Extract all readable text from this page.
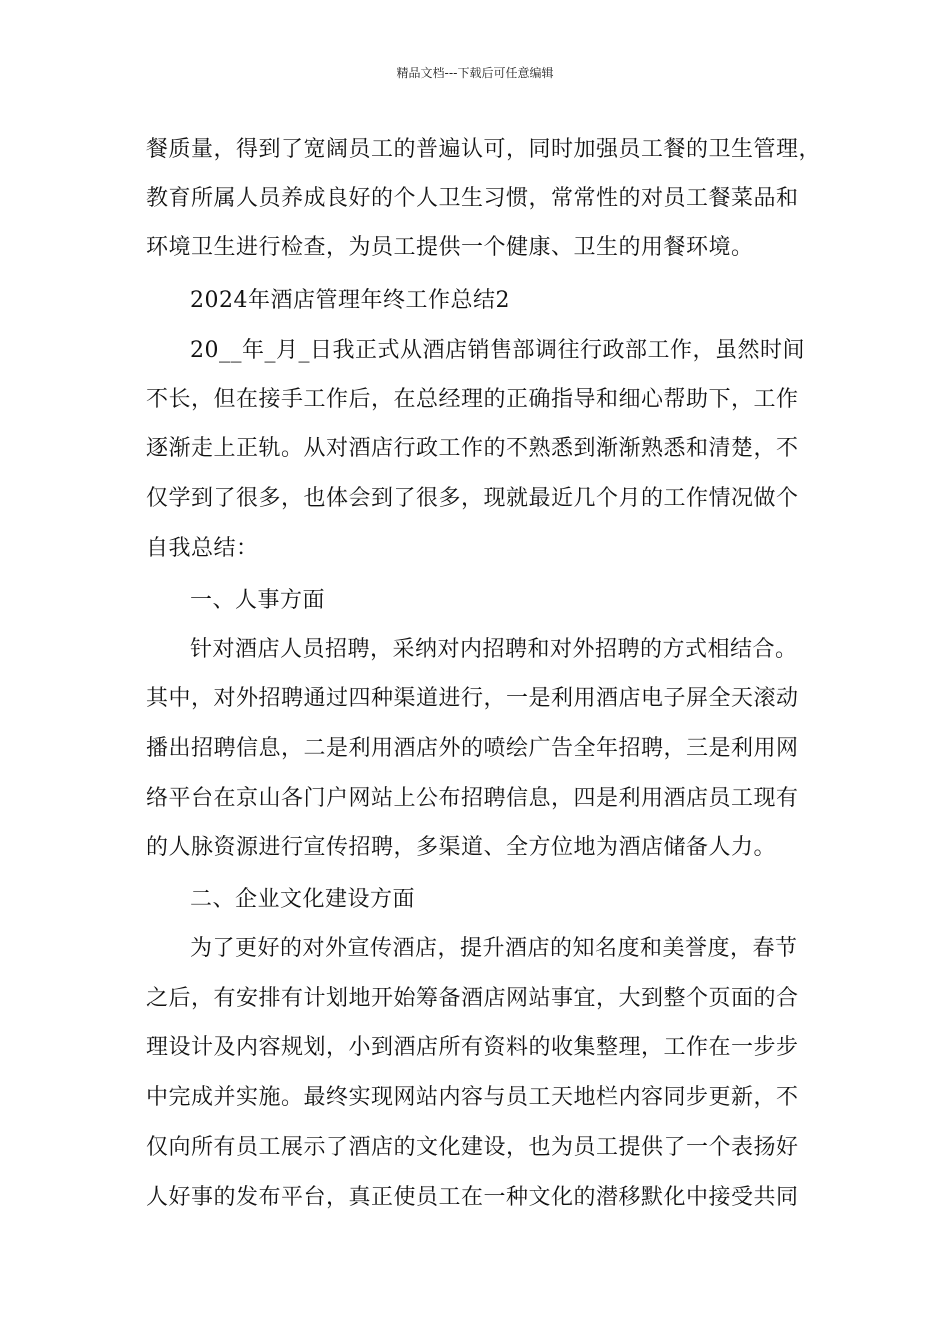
精品文档---下载后可任意编辑
餐质量，得到了宽阔员工的普遍认可，同时加强员工餐的卫生管理，
教育所属人员养成良好的个人卫生习惯，常常性的对员工餐菜品和
环境卫生进行检查，为员工提供一个健康、卫生的用餐环境。
2024年酒店管理年终工作总结2
20__年_月_日我正式从酒店销售部调往行政部工作，虽然时间
不长，但在接手工作后，在总经理的正确指导和细心帮助下，工作
逐渐走上正轨。从对酒店行政工作的不熟悉到渐渐熟悉和清楚，不
仅学到了很多，也体会到了很多，现就最近几个月的工作情况做个
自我总结：
一、人事方面
针对酒店人员招聘，采纳对内招聘和对外招聘的方式相结合。
其中，对外招聘通过四种渠道进行，一是利用酒店电子屏全天滚动
播出招聘信息，二是利用酒店外的喷绘广告全年招聘，三是利用网
络平台在京山各门户网站上公布招聘信息，四是利用酒店员工现有
的人脉资源进行宣传招聘，多渠道、全方位地为酒店储备人力。
二、企业文化建设方面
为了更好的对外宣传酒店，提升酒店的知名度和美誉度，春节
之后，有安排有计划地开始筹备酒店网站事宜，大到整个页面的合
理设计及内容规划，小到酒店所有资料的收集整理，工作在一步步
中完成并实施。最终实现网站内容与员工天地栏内容同步更新，不
仅向所有员工展示了酒店的文化建设，也为员工提供了一个表扬好
人好事的发布平台，真正使员工在一种文化的潜移默化中接受共同
